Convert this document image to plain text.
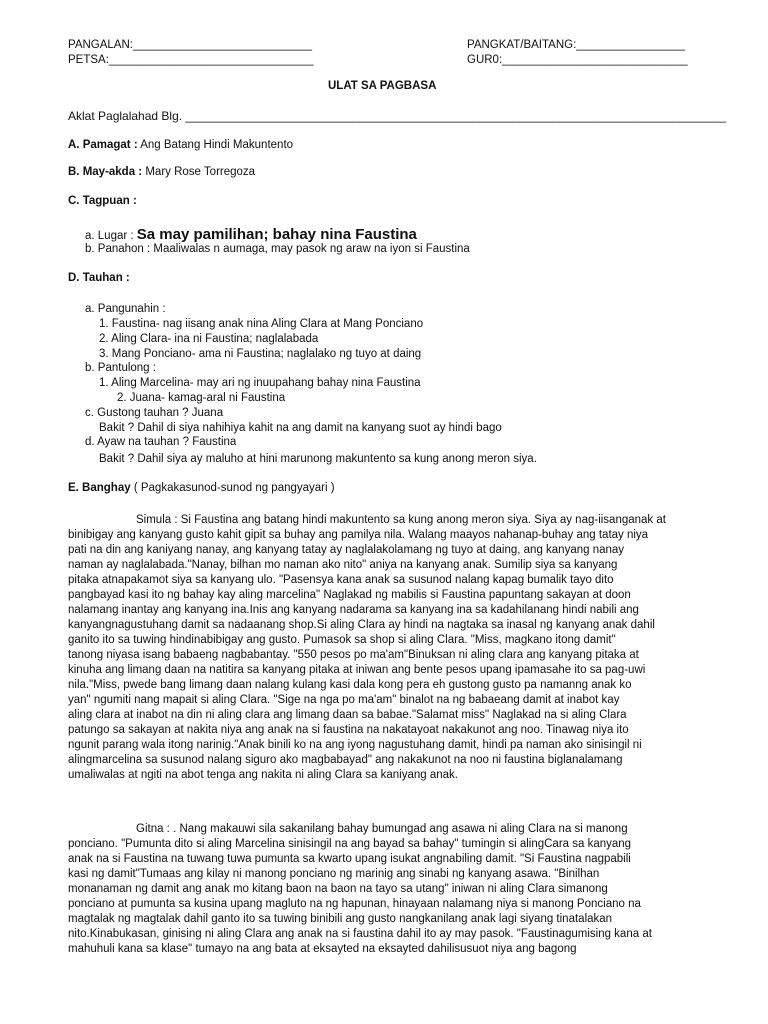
PANGALAN:____________________________	PANGKAT/BAITANG:_________________
PETSA:________________________________	GUR0:_____________________________
ULAT SA PAGBASA
Aklat Paglalahad Blg. _________________________________________________________________________________
A. Pamagat : Ang Batang Hindi Makuntento
B. May-akda : Mary Rose Torregoza
C. Tagpuan :
a. Lugar : Sa may pamilihan; bahay nina Faustina
b. Panahon : Maaliwalas n aumaga, may pasok ng araw na iyon si Faustina
D. Tauhan :
a. Pangunahin :
1. Faustina- nag iisang anak nina Aling Clara at Mang Ponciano
2. Aling Clara- ina ni Faustina; naglalabada
3. Mang Ponciano- ama ni Faustina; naglalako ng tuyo at daing
b. Pantulong :
1. Aling Marcelina- may ari ng inuupahang bahay nina Faustina
2. Juana- kamag-aral ni Faustina
c. Gustong tauhan ? Juana
Bakit ? Dahil di siya nahihiya kahit na ang damit na kanyang suot ay hindi bago
d. Ayaw na tauhan ? Faustina
Bakit ? Dahil siya ay maluho at hini marunong makuntento sa kung anong meron siya.
E. Banghay ( Pagkakasunod-sunod ng pangyayari )

Simula : Si Faustina ang batang hindi makuntento sa kung anong meron siya. Siya ay nag-iisanganak at

binibigay ang kanyang gusto kahit gipit sa buhay ang pamilya nila. Walang maayos nahanap-buhay ang tatay niya

pati na din ang kaniyang nanay, ang kanyang tatay ay naglalakolamang ng tuyo at daing, ang kanyang nanay

naman ay naglalabada."Nanay, bilhan mo naman ako nito" aniya na kanyang anak. Sumilip siya sa kanyang

pitaka atnapakamot siya sa kanyang ulo. "Pasensya kana anak sa susunod nalang kapag bumalik tayo dito

pangbayad kasi ito ng bahay kay aling marcelina" Naglakad ng mabilis si Faustina papuntang sakayan at doon

nalamang inantay ang kanyang ina.Inis ang kanyang nadarama sa kanyang ina sa kadahilanang hindi nabili ang

kanyangnagustuhang damit sa nadaanang shop.Si aling Clara ay hindi na nagtaka sa inasal ng kanyang anak dahil

ganito ito sa tuwing hindinabibigay ang gusto. Pumasok sa shop si aling Clara. "Miss, magkano itong damit"

tanong niyasa isang babaeng nagbabantay. "550 pesos po ma'am"Binuksan ni aling clara ang kanyang pitaka at

kinuha ang limang daan na natitira sa kanyang pitaka at iniwan ang bente pesos upang ipamasahe ito sa pag-uwi

nila."Miss, pwede bang limang daan nalang kulang kasi dala kong pera eh gustong gusto pa namanng anak ko

yan" ngumiti nang mapait si aling Clara. "Sige na nga po ma'am" binalot na ng babaeang damit at inabot kay

aling clara at inabot na din ni aling clara ang limang daan sa babae."Salamat miss" Naglakad na si aling Clara

patungo sa sakayan at nakita niya ang anak na si faustina na nakatayoat nakakunot ang noo. Tinawag niya ito

ngunit parang wala itong narinig."Anak binili ko na ang iyong nagustuhang damit, hindi pa naman ako sinisingil ni

alingmarcelina sa susunod nalang siguro ako magbabayad" ang nakakunot na noo ni faustina biglanalamang

umaliwalas at ngiti na abot tenga ang nakita ni aling Clara sa kaniyang anak.

Gitna : . Nang makauwi sila sakanilang bahay bumungad ang asawa ni aling Clara na si manong

ponciano. "Pumunta dito si aling Marcelina sinisingil na ang bayad sa bahay" tumingin si alingCara sa kanyang

anak na si Faustina na tuwang tuwa pumunta sa kwarto upang isukat angnabiling damit. "Si Faustina nagpabili

kasi ng damit"Tumaas ang kilay ni manong ponciano ng marinig ang sinabi ng kanyang asawa. "Binilhan

monanaman ng damit ang anak mo kitang baon na baon na tayo sa utang" iniwan ni aling Clara simanong

ponciano at pumunta sa kusina upang magluto na ng hapunan, hinayaan nalamang niya si manong Ponciano na

magtalak ng magtalak dahil ganto ito sa tuwing binibili ang gusto nangkanilang anak lagi siyang tinatalakan

nito.Kinabukasan, ginising ni aling Clara ang anak na si faustina dahil ito ay may pasok. "Faustinagumising kana at

mahuhuli kana sa klase" tumayo na ang bata at eksayted na eksayted dahilisusuot niya ang bagong
